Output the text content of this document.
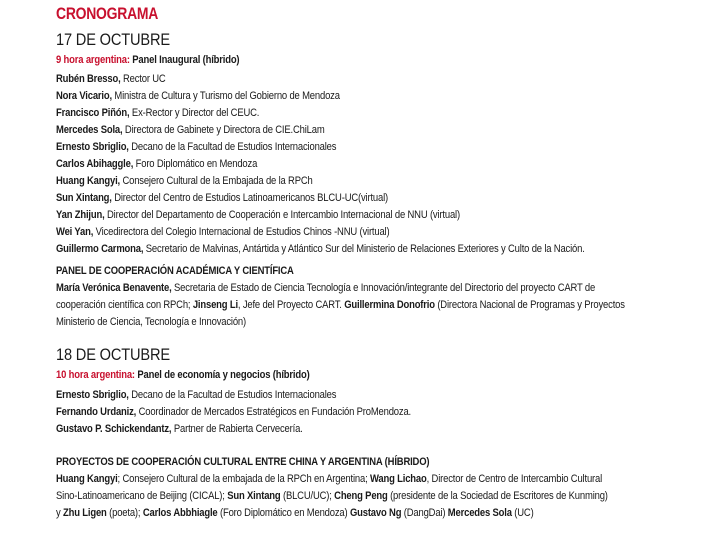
CRONOGRAMA
17 DE OCTUBRE

9 hora argentina: Panel Inaugural (híbrido)

Rubén Bresso, Rector UC

Nora Vicario, Ministra de Cultura y Turismo del Gobierno de Mendoza

Francisco Piñón, Ex-Rector y Director del CEUC.

Mercedes Sola, Directora de Gabinete y Directora de CIE.ChiLam

Ernesto Sbriglio, Decano de la Facultad de Estudios Internacionales

Carlos Abihaggle, Foro Diplomático en Mendoza

Huang Kangyi, Consejero Cultural de la Embajada de la RPCh

Sun Xintang, Director del Centro de Estudios Latinoamericanos BLCU-UC(virtual)

Yan Zhijun, Director del Departamento de Cooperación e Intercambio Internacional de NNU (virtual)

Wei Yan, Vicedirectora del Colegio Internacional de Estudios Chinos -NNU (virtual)

Guillermo Carmona, Secretario de Malvinas, Antártida y Atlántico Sur del Ministerio de Relaciones Exteriores y Culto de la Nación.

PANEL DE COOPERACIÓN ACADÉMICA Y CIENTÍFICA

María Verónica Benavente, Secretaria de Estado de Ciencia Tecnología e Innovación/integrante del Directorio del proyecto CART de

cooperación científica con RPCh; Jinseng Li, Jefe del Proyecto CART. Guillermina Donofrio (Directora Nacional de Programas y Proyectos

Ministerio de Ciencia, Tecnología e Innovación)

18 DE OCTUBRE

10 hora argentina: Panel de economía y negocios (híbrido)

Ernesto Sbriglio, Decano de la Facultad de Estudios Internacionales

Fernando Urdaniz, Coordinador de Mercados Estratégicos en Fundación ProMendoza.

Gustavo P. Schickendantz, Partner de Rabierta Cervecería.

PROYECTOS DE COOPERACIÓN CULTURAL ENTRE CHINA Y ARGENTINA (HÍBRIDO)

Huang Kangyi; Consejero Cultural de la embajada de la RPCh en Argentina; Wang Lichao, Director de Centro de Intercambio Cultural

Sino-Latinoamericano de Beijing (CICAL); Sun Xintang (BLCU/UC); Cheng Peng (presidente de la Sociedad de Escritores de Kunming)

y Zhu Ligen (poeta); Carlos Abbhiagle (Foro Diplomático en Mendoza) Gustavo Ng (DangDai) Mercedes Sola (UC)
